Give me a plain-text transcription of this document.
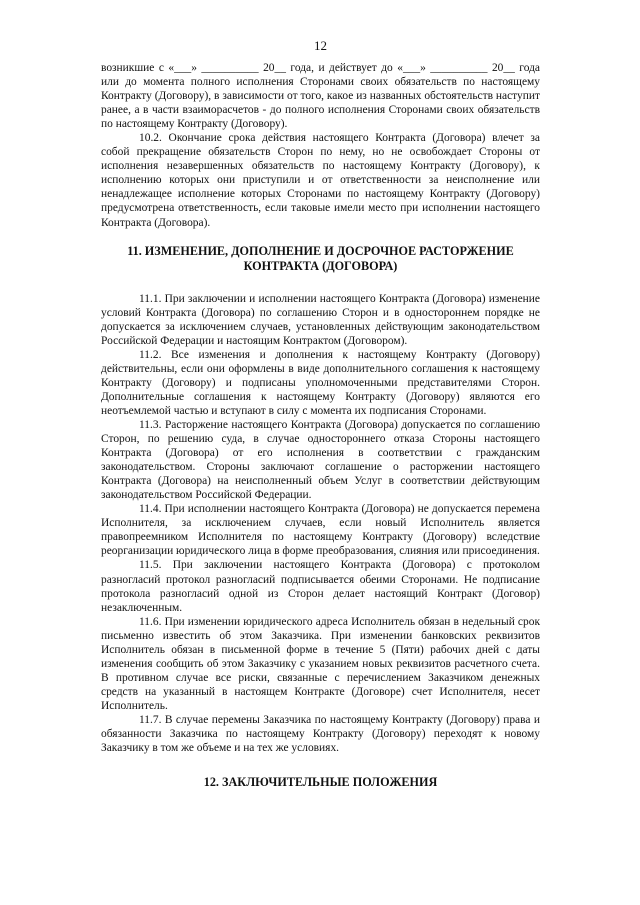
12

возникшие с «___» __________ 20__ года, и действует до «___» __________ 20__ года или до момента полного исполнения Сторонами своих обязательств по настоящему Контракту (Договору), в зависимости от того, какое из названных обстоятельств наступит ранее, а в части взаиморасчетов - до полного исполнения Сторонами своих обязательств по настоящему Контракту (Договору).

10.2. Окончание срока действия настоящего Контракта (Договора) влечет за собой прекращение обязательств Сторон по нему, но не освобождает Стороны от исполнения незавершенных обязательств по настоящему Контракту (Договору), к исполнению которых они приступили и от ответственности за неисполнение или ненадлежащее исполнение которых Сторонами по настоящему Контракту (Договору) предусмотрена ответственность, если таковые имели место при исполнении настоящего Контракта (Договора).

11. ИЗМЕНЕНИЕ, ДОПОЛНЕНИЕ И ДОСРОЧНОЕ РАСТОРЖЕНИЕ КОНТРАКТА (ДОГОВОРА)

11.1. При заключении и исполнении настоящего Контракта (Договора) изменение условий Контракта (Договора) по соглашению Сторон и в одностороннем порядке не допускается за исключением случаев, установленных действующим законодательством Российской Федерации и настоящим Контрактом (Договором).

11.2. Все изменения и дополнения к настоящему Контракту (Договору) действительны, если они оформлены в виде дополнительного соглашения к настоящему Контракту (Договору) и подписаны уполномоченными представителями Сторон. Дополнительные соглашения к настоящему Контракту (Договору) являются его неотъемлемой частью и вступают в силу с момента их подписания Сторонами.

11.3. Расторжение настоящего Контракта (Договора) допускается по соглашению Сторон, по решению суда, в случае одностороннего отказа Стороны настоящего Контракта (Договора) от его исполнения в соответствии с гражданским законодательством. Стороны заключают соглашение о расторжении настоящего Контракта (Договора) на неисполненный объем Услуг в соответствии действующим законодательством Российской Федерации.

11.4. При исполнении настоящего Контракта (Договора) не допускается перемена Исполнителя, за исключением случаев, если новый Исполнитель является правопреемником Исполнителя по настоящему Контракту (Договору) вследствие реорганизации юридического лица в форме преобразования, слияния или присоединения.

11.5. При заключении настоящего Контракта (Договора) с протоколом разногласий протокол разногласий подписывается обеими Сторонами. Не подписание протокола разногласий одной из Сторон делает настоящий Контракт (Договор) незаключенным.

11.6. При изменении юридического адреса Исполнитель обязан в недельный срок письменно известить об этом Заказчика. При изменении банковских реквизитов Исполнитель обязан в письменной форме в течение 5 (Пяти) рабочих дней с даты изменения сообщить об этом Заказчику с указанием новых реквизитов расчетного счета. В противном случае все риски, связанные с перечислением Заказчиком денежных средств на указанный в настоящем Контракте (Договоре) счет Исполнителя, несет Исполнитель.

11.7. В случае перемены Заказчика по настоящему Контракту (Договору) права и обязанности Заказчика по настоящему Контракту (Договору) переходят к новому Заказчику в том же объеме и на тех же условиях.

12. ЗАКЛЮЧИТЕЛЬНЫЕ ПОЛОЖЕНИЯ
